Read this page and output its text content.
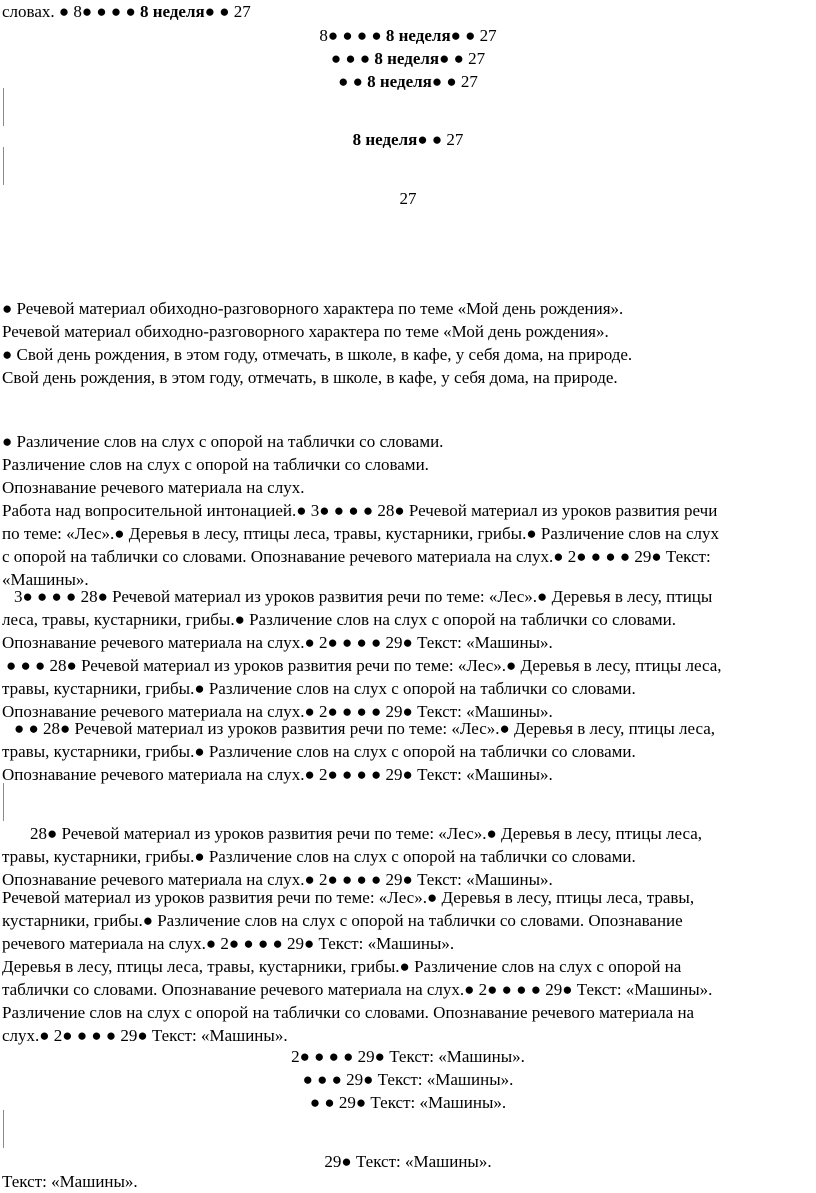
словах. ● 8● ● ● ● 8 неделя● ● 27
8● ● ● ● 8 неделя● ● 27
● ● ● 8 неделя● ● 27
● ● 8 неделя● ● 27
8 неделя● ● 27
27
● Речевой материал обиходно-разговорного характера по теме «Мой день рождения».
Речевой материал обиходно-разговорного характера по теме «Мой день рождения».
● Свой день рождения, в этом году, отмечать, в школе, в кафе, у себя дома, на природе.
Свой день рождения, в этом году, отмечать, в школе, в кафе, у себя дома, на природе.
● Различение слов на слух с опорой на таблички со словами.
Различение слов на слух с опорой на таблички со словами.
Опознавание речевого материала на слух.
Работа над вопросительной интонацией.● 3● ● ● ● 28● Речевой материал из уроков развития речи
по теме: «Лес».● Деревья в лесу, птицы леса, травы, кустарники, грибы.● Различение слов на слух
с опорой на таблички со словами. Опознавание речевого материала на слух.● 2● ● ● ● 29● Текст:
«Машины».
3● ● ● ● 28● Речевой материал из уроков развития речи по теме: «Лес».● Деревья в лесу, птицы
леса, травы, кустарники, грибы.● Различение слов на слух с опорой на таблички со словами.
Опознавание речевого материала на слух.● 2● ● ● ● 29● Текст: «Машины».
● ● ● 28● Речевой материал из уроков развития речи по теме: «Лес».● Деревья в лесу, птицы леса,
травы, кустарники, грибы.● Различение слов на слух с опорой на таблички со словами.
Опознавание речевого материала на слух.● 2● ● ● ● 29● Текст: «Машины».
● ● 28● Речевой материал из уроков развития речи по теме: «Лес».● Деревья в лесу, птицы леса,
травы, кустарники, грибы.● Различение слов на слух с опорой на таблички со словами.
Опознавание речевого материала на слух.● 2● ● ● ● 29● Текст: «Машины».
28● Речевой материал из уроков развития речи по теме: «Лес».● Деревья в лесу, птицы леса,
травы, кустарники, грибы.● Различение слов на слух с опорой на таблички со словами.
Опознавание речевого материала на слух.● 2● ● ● ● 29● Текст: «Машины».
Речевой материал из уроков развития речи по теме: «Лес».● Деревья в лесу, птицы леса, травы,
кустарники, грибы.● Различение слов на слух с опорой на таблички со словами. Опознавание
речевого материала на слух.● 2● ● ● ● 29● Текст: «Машины».
Деревья в лесу, птицы леса, травы, кустарники, грибы.● Различение слов на слух с опорой на
таблички со словами. Опознавание речевого материала на слух.● 2● ● ● ● 29● Текст: «Машины».
Различение слов на слух с опорой на таблички со словами. Опознавание речевого материала на
слух.● 2● ● ● ● 29● Текст: «Машины».
2● ● ● ● 29● Текст: «Машины».
● ● ● 29● Текст: «Машины».
● ● 29● Текст: «Машины».
29● Текст: «Машины».
Текст: «Машины».
